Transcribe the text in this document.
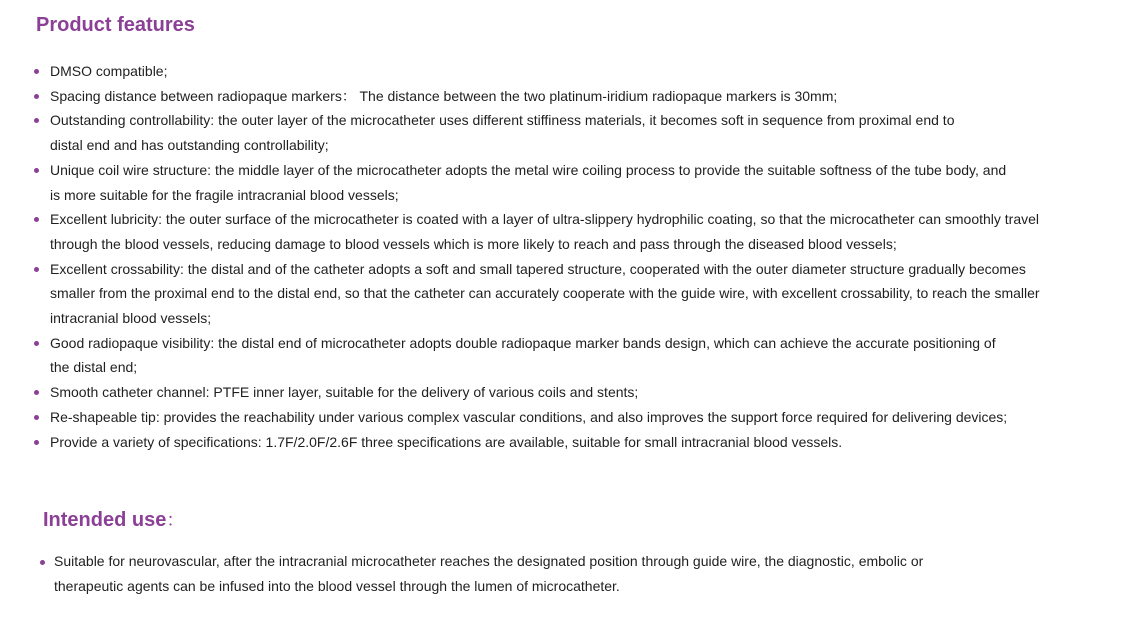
Product features
DMSO compatible;
Spacing distance between radiopaque markers： The distance between the two platinum-iridium radiopaque markers is 30mm;
Outstanding controllability: the outer layer of the microcatheter uses different stiffiness materials, it becomes soft in sequence from proximal end to distal end and has outstanding controllability;
Unique coil wire structure: the middle layer of the microcatheter adopts the metal wire coiling process to provide the suitable softness of the tube body, and is more suitable for the fragile intracranial blood vessels;
Excellent lubricity: the outer surface of the microcatheter is coated with a layer of ultra-slippery hydrophilic coating, so that the microcatheter can smoothly travel through the blood vessels, reducing damage to blood vessels which is more likely to reach and pass through the diseased blood vessels;
Excellent crossability: the distal and of the catheter adopts a soft and small tapered structure, cooperated with the outer diameter structure gradually becomes smaller from the proximal end to the distal end, so that the catheter can accurately cooperate with the guide wire, with excellent crossability, to reach the smaller intracranial blood vessels;
Good radiopaque visibility: the distal end of microcatheter adopts double radiopaque marker bands design, which can achieve the accurate positioning of the distal end;
Smooth catheter channel: PTFE inner layer, suitable for the delivery of various coils and stents;
Re-shapeable tip: provides the reachability under various complex vascular conditions, and also improves the support force required for delivering devices;
Provide a variety of specifications: 1.7F/2.0F/2.6F three specifications are available, suitable for small intracranial blood vessels.
Intended use：
Suitable for neurovascular, after the intracranial microcatheter reaches the designated position through guide wire, the diagnostic, embolic or therapeutic agents can be infused into the blood vessel through the lumen of microcatheter.
